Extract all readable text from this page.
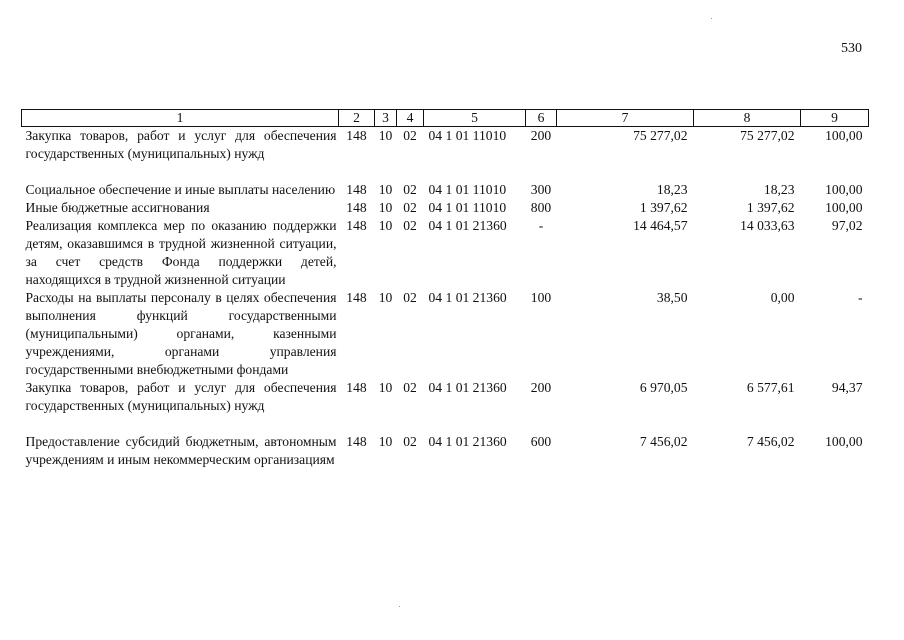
530
1	2	3	4	5	6	7	8	9
Закупка товаров, работ и услуг для обеспечения государственных (муниципальных) нужд	148	10	02	04 1 01 11010	200	75 277,02	75 277,02	100,00
Социальное обеспечение и иные выплаты населению	148	10	02	04 1 01 11010	300	18,23	18,23	100,00
Иные бюджетные ассигнования	148	10	02	04 1 01 11010	800	1 397,62	1 397,62	100,00
Реализация комплекса мер по оказанию поддержки детям, оказавшимся в трудной жизненной ситуации, за счет средств Фонда поддержки детей, находящихся в трудной жизненной ситуации	148	10	02	04 1 01 21360	-	14 464,57	14 033,63	97,02
Расходы на выплаты персоналу в целях обеспечения выполнения функций государственными (муниципальными) органами, казенными учреждениями, органами управления государственными внебюджетными фондами	148	10	02	04 1 01 21360	100	38,50	0,00	-
Закупка товаров, работ и услуг для обеспечения государственных (муниципальных) нужд	148	10	02	04 1 01 21360	200	6 970,05	6 577,61	94,37
Предоставление субсидий бюджетным, автономным учреждениям и иным некоммерческим организациям	148	10	02	04 1 01 21360	600	7 456,02	7 456,02	100,00
